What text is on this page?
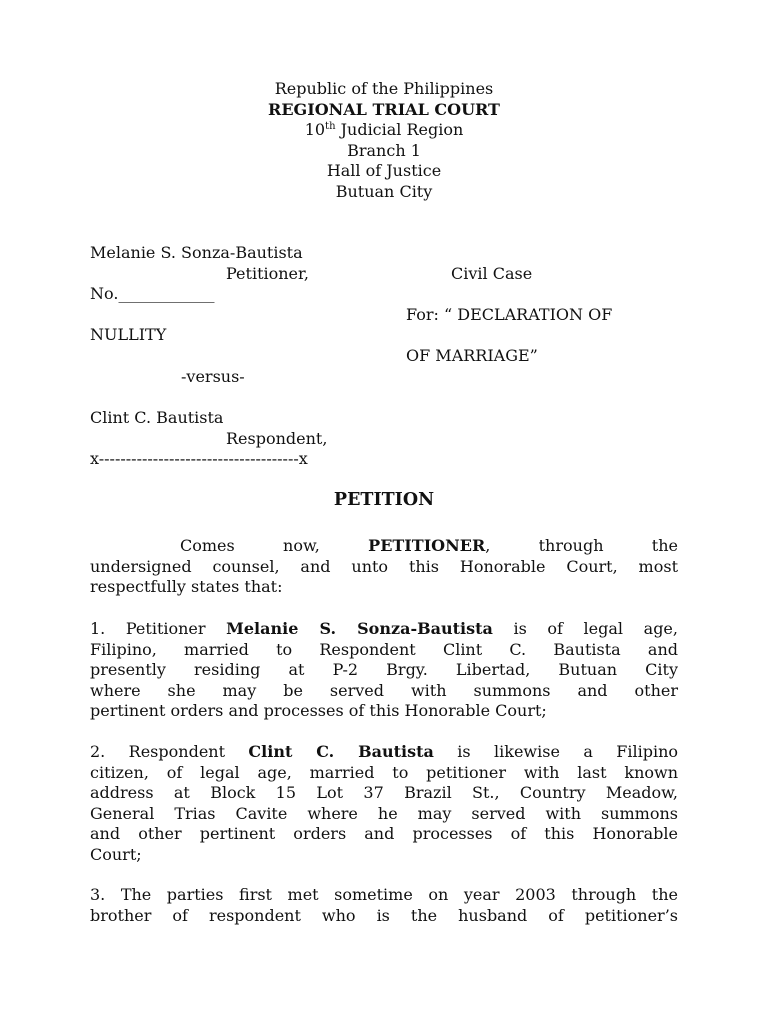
Republic of the Philippines
REGIONAL TRIAL COURT
10th Judicial Region
Branch 1
Hall of Justice
Butuan City
Melanie S. Sonza-Bautista
Petitioner,	Civil Case
No.____________
For: “ DECLARATION OF
NULLITY
OF MARRIAGE”
-versus-
Clint C. Bautista
Respondent,
x-------------------------------------x
PETITION
Comes now,	PETITIONER, through the
undersigned counsel, and unto this Honorable Court, most
respectfully states that:
1. Petitioner Melanie S. Sonza-Bautista is of legal age,
Filipino, married to Respondent Clint C. Bautista and
presently residing at P-2 Brgy. Libertad, Butuan City
where she may be served with summons and other
pertinent orders and processes of this Honorable Court;
2. Respondent Clint C. Bautista is likewise a Filipino
citizen, of legal age, married to petitioner with last known
address at Block 15 Lot 37 Brazil St., Country Meadow,
General Trias Cavite where he may served with summons
and other pertinent orders and processes of this Honorable
Court;
3. The parties first met sometime on year 2003 through the
brother of respondent who is the husband of petitioner’s
